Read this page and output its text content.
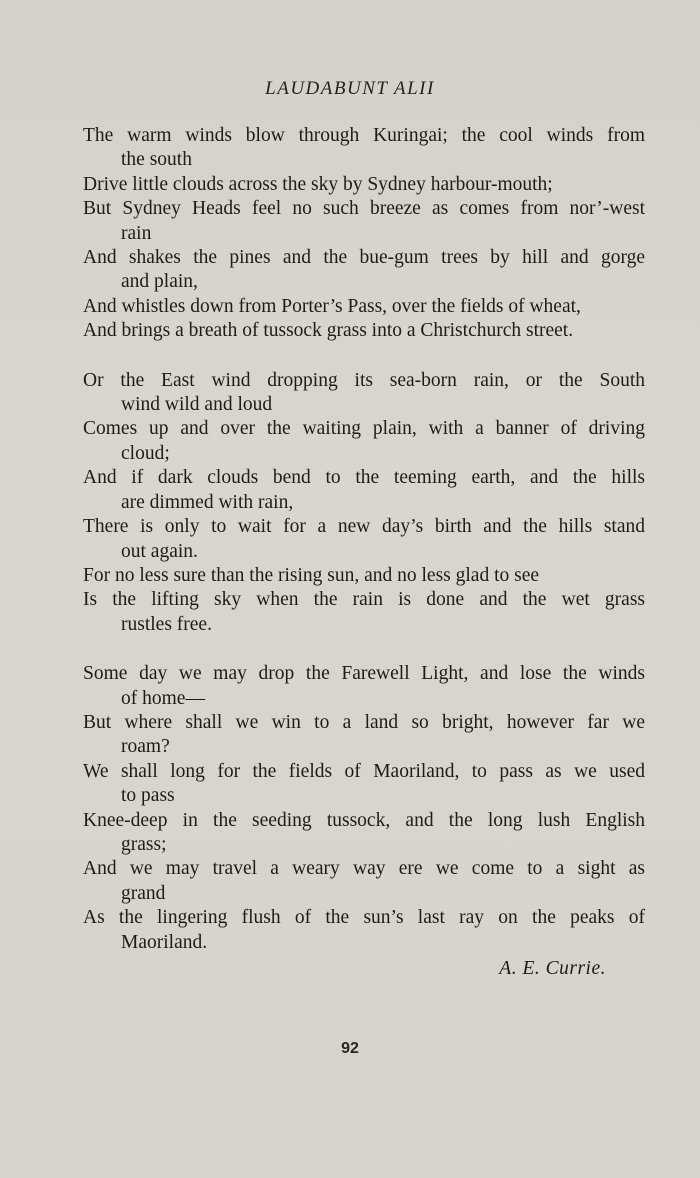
LAUDABUNT ALII
The warm winds blow through Kuringai; the cool winds from
the south
Drive little clouds across the sky by Sydney harbour-mouth;
But Sydney Heads feel no such breeze as comes from nor’-west
rain
And shakes the pines and the bue-gum trees by hill and gorge
and plain,
And whistles down from Porter’s Pass, over the fields of wheat,
And brings a breath of tussock grass into a Christchurch street.
Or the East wind dropping its sea-born rain, or the South
wind wild and loud
Comes up and over the waiting plain, with a banner of driving
cloud;
And if dark clouds bend to the teeming earth, and the hills
are dimmed with rain,
There is only to wait for a new day’s birth and the hills stand
out again.
For no less sure than the rising sun, and no less glad to see
Is the lifting sky when the rain is done and the wet grass
rustles free.
Some day we may drop the Farewell Light, and lose the winds
of home—
But where shall we win to a land so bright, however far we
roam?
We shall long for the fields of Maoriland, to pass as we used
to pass
Knee-deep in the seeding tussock, and the long lush English
grass;
And we may travel a weary way ere we come to a sight as
grand
As the lingering flush of the sun’s last ray on the peaks of
Maoriland.
A. E. Currie.
92
